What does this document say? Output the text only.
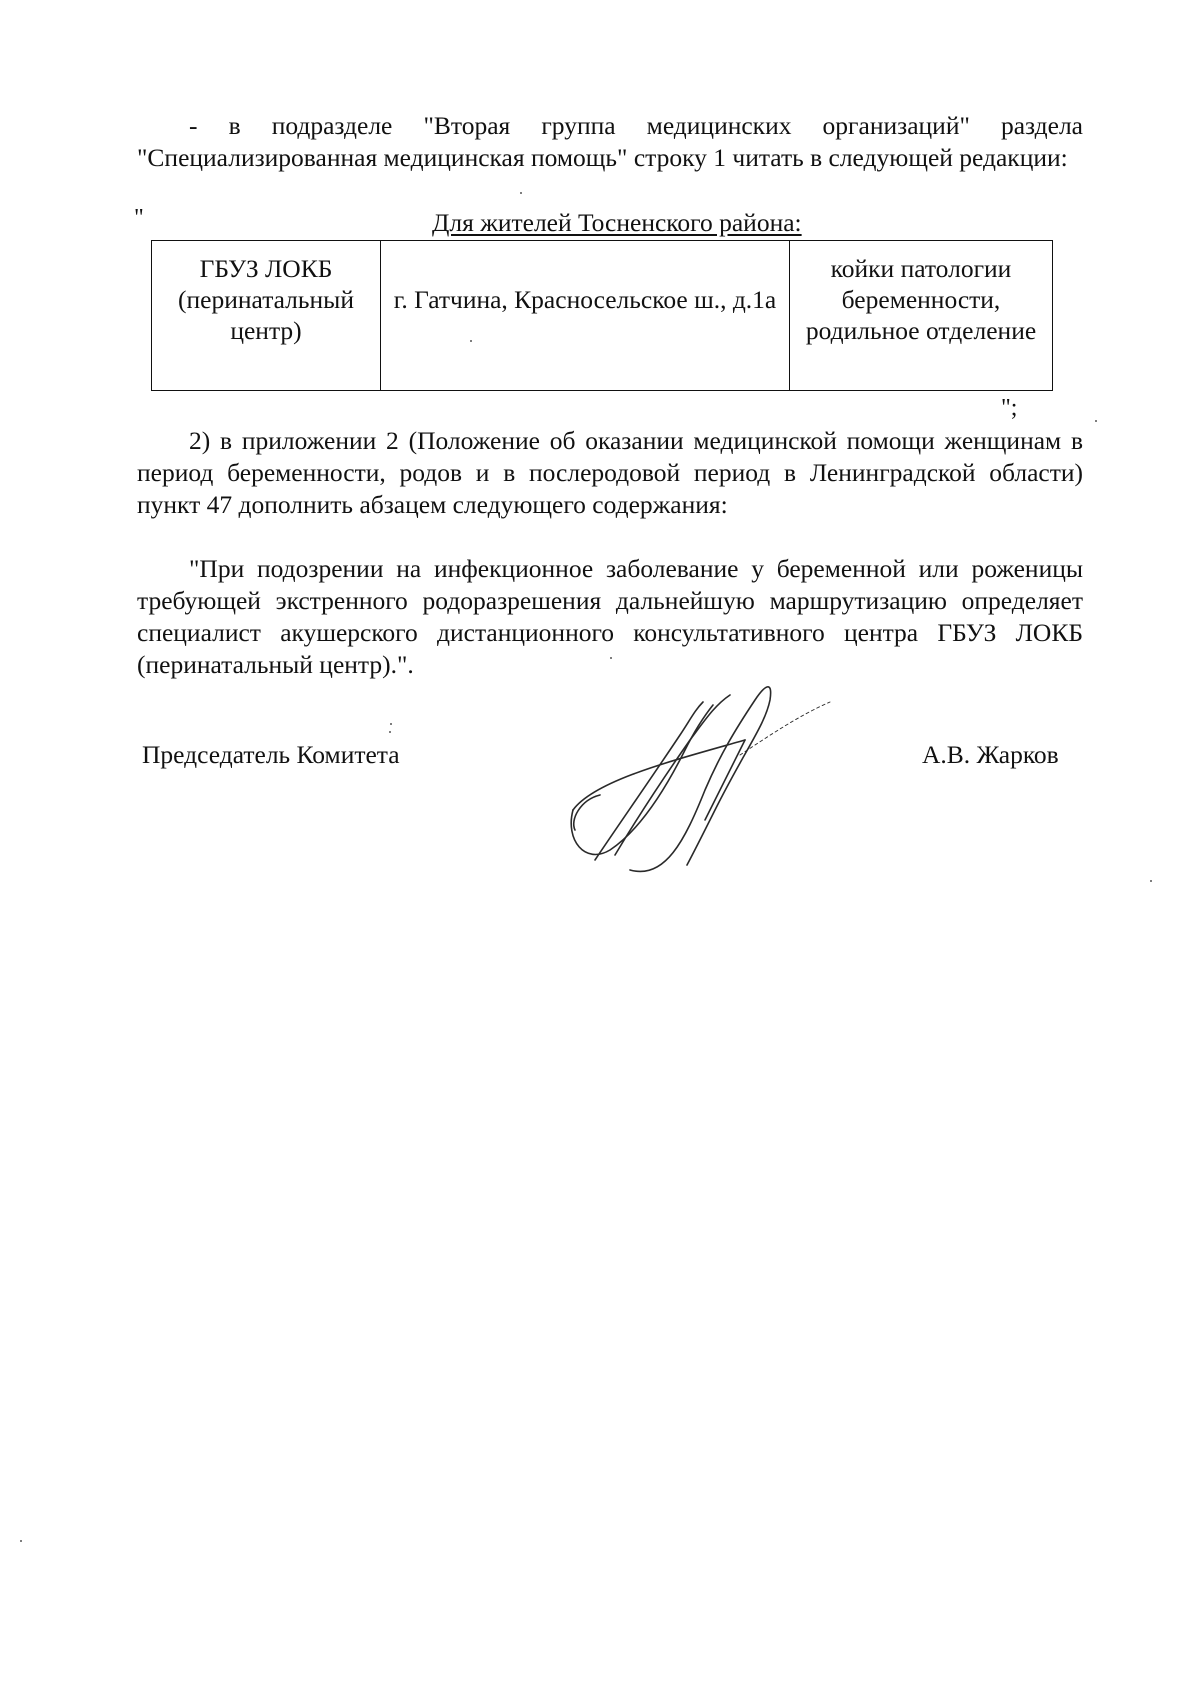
- в подразделе "Вторая группа медицинских организаций" раздела "Специализированная медицинская помощь" строку 1 читать в следующей редакции:

"	Для жителей Тосненского района:
ГБУЗ ЛОКБ (перинатальный центр)	г. Гатчина, Красносельское ш., д.1а	койки патологии беременности, родильное отделение
";

2) в приложении 2 (Положение об оказании медицинской помощи женщинам в период беременности, родов и в послеродовой период в Ленинградской области) пункт 47 дополнить абзацем следующего содержания:

"При подозрении на инфекционное заболевание у беременной или роженицы требующей экстренного родоразрешения дальнейшую маршрутизацию определяет специалист акушерского дистанционного консультативного центра ГБУЗ ЛОКБ (перинатальный центр).".

Председатель Комитета	А.В. Жарков
